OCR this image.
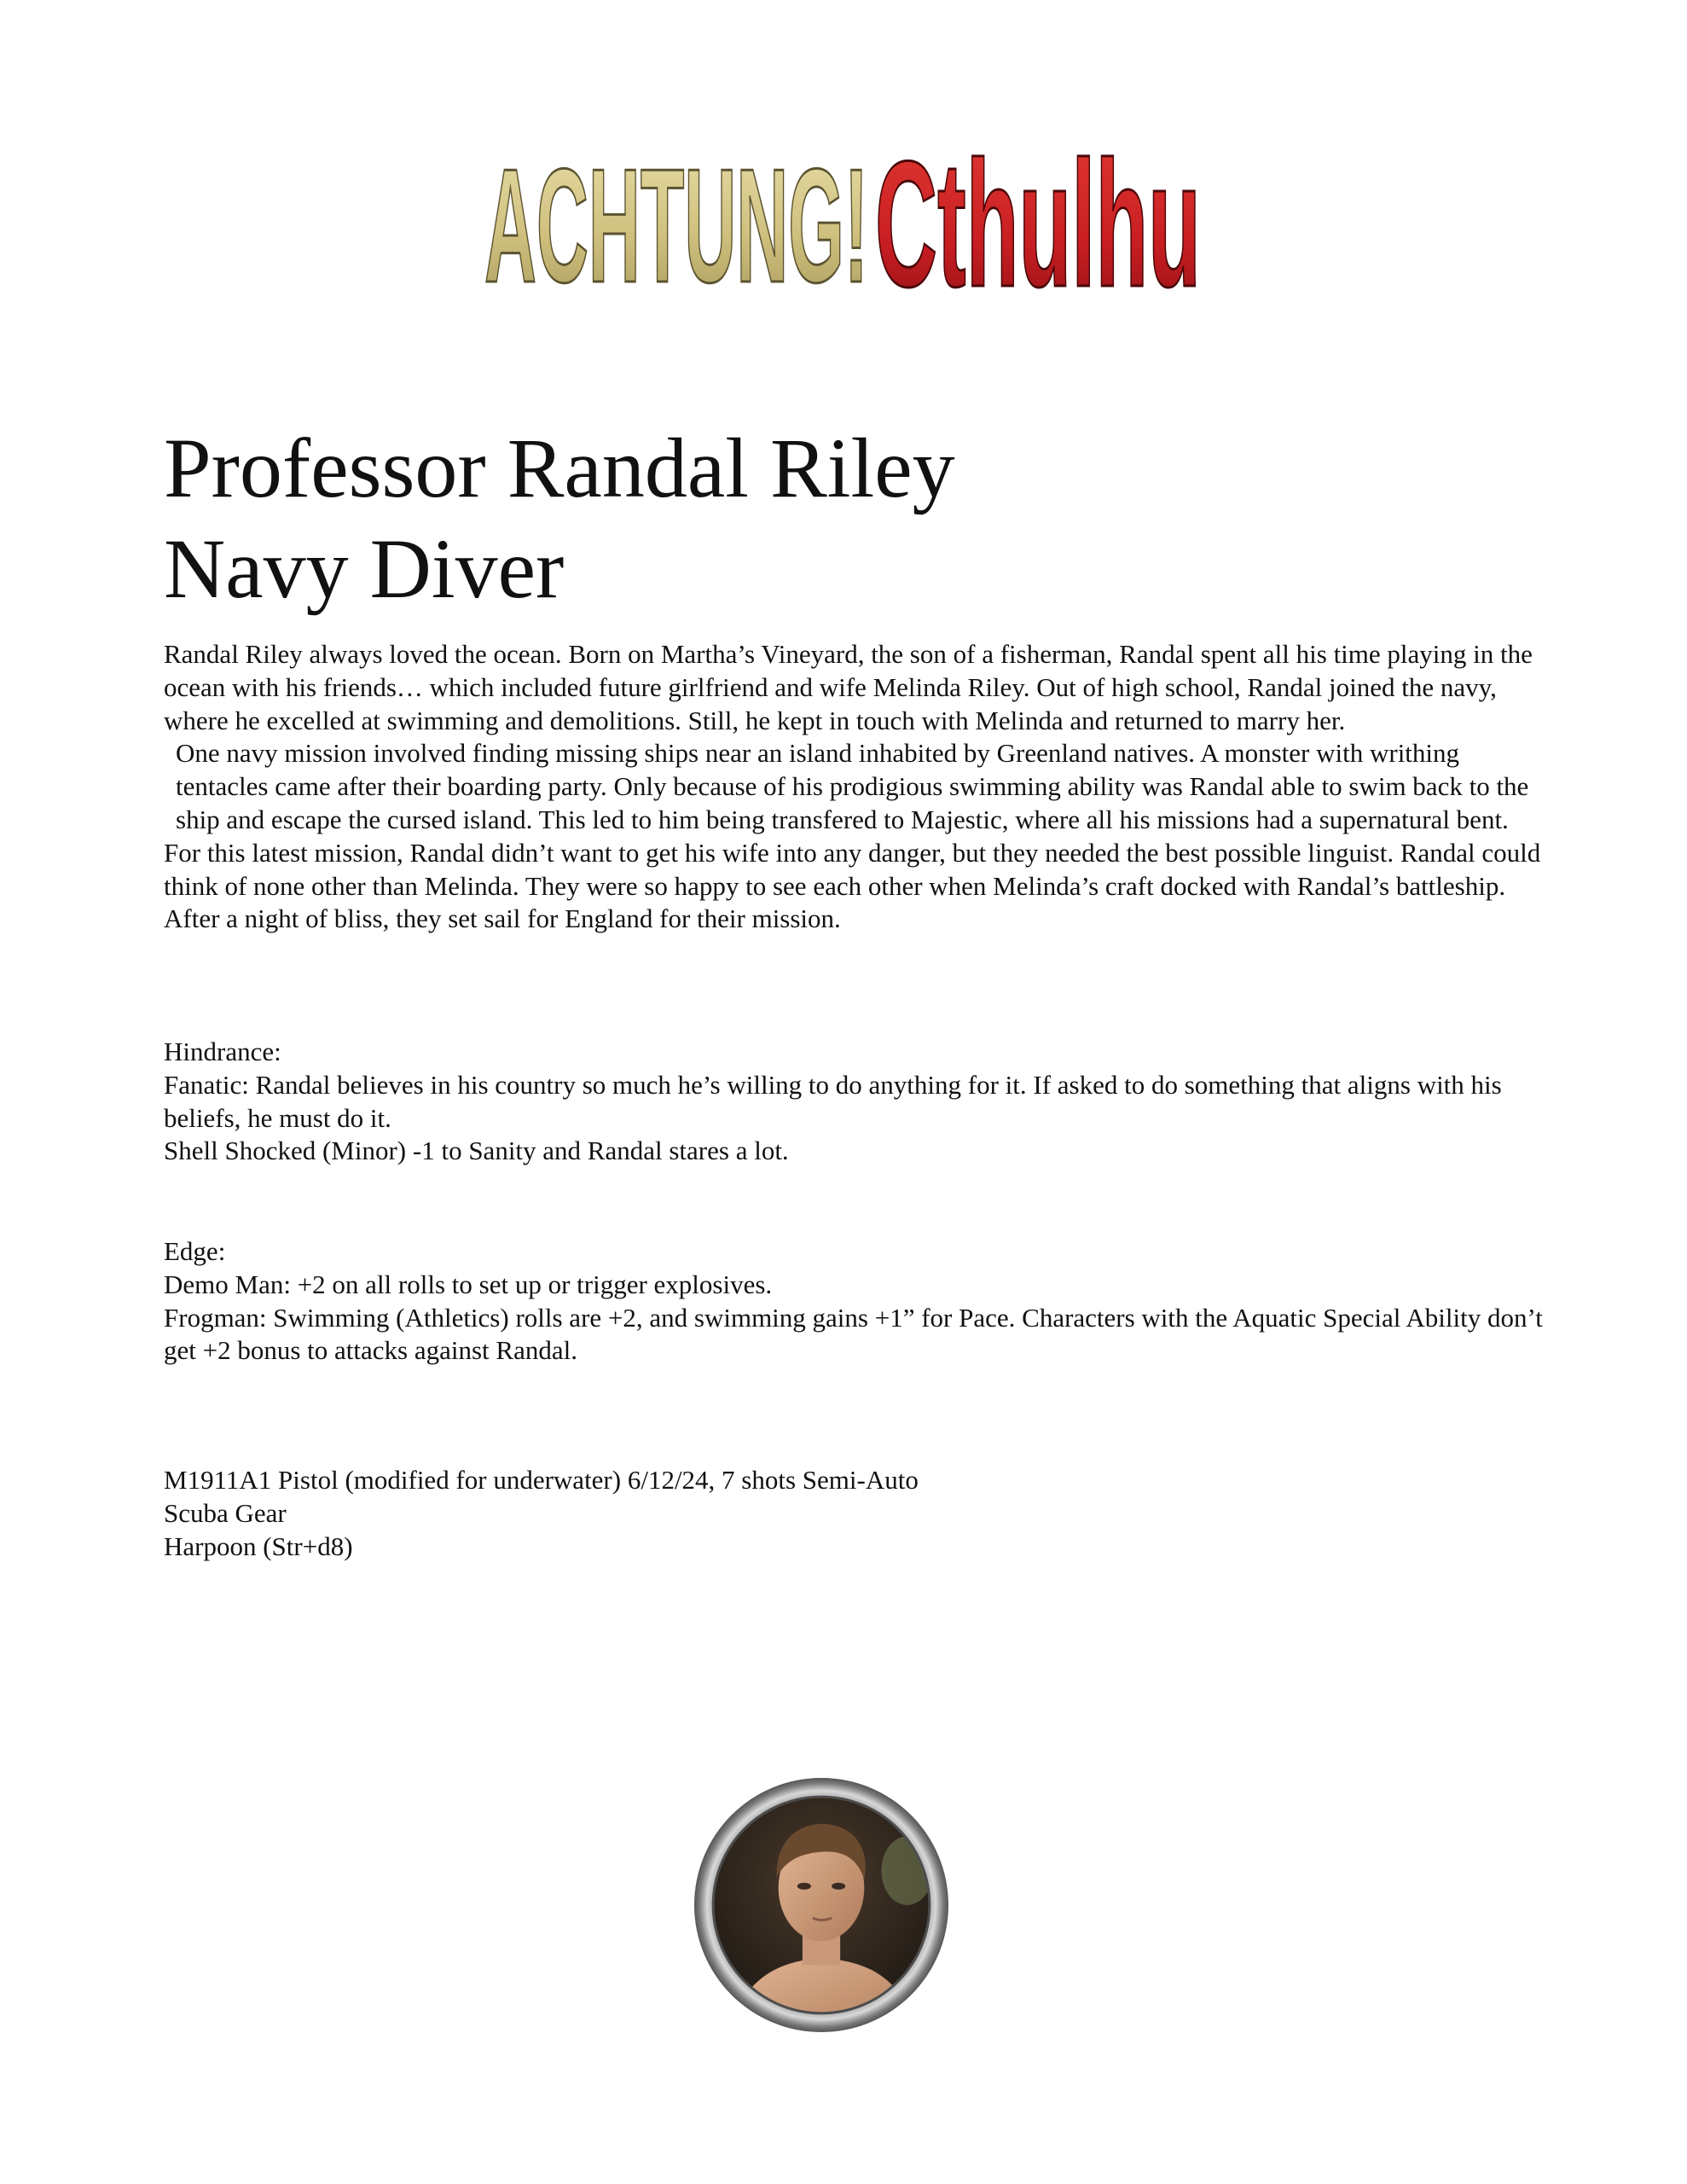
ACHTUNG! Cthulhu
Professor Randal Riley
Navy Diver

Randal Riley always loved the ocean. Born on Martha’s Vineyard, the son of a fisherman, Randal spent all his time playing in the ocean with his friends… which included future girlfriend and wife Melinda Riley. Out of high school, Randal joined the navy, where he excelled at swimming and demolitions. Still, he kept in touch with Melinda and returned to marry her.

One navy mission involved finding missing ships near an island inhabited by Greenland natives. A monster with writhing tentacles came after their boarding party. Only because of his prodigious swimming ability was Randal able to swim back to the ship and escape the cursed island. This led to him being transfered to Majestic, where all his missions had a supernatural bent.

For this latest mission, Randal didn’t want to get his wife into any danger, but they needed the best possible linguist. Randal could think of none other than Melinda. They were so happy to see each other when Melinda’s craft docked with Randal’s battleship. After a night of bliss, they set sail for England for their mission.

Hindrance:

Fanatic: Randal believes in his country so much he’s willing to do anything for it. If asked to do something that aligns with his beliefs, he must do it.

Shell Shocked (Minor) -1 to Sanity and Randal stares a lot.

Edge:

Demo Man: +2 on all rolls to set up or trigger explosives.

Frogman: Swimming (Athletics) rolls are +2, and swimming gains +1” for Pace. Characters with the Aquatic Special Ability don’t get +2 bonus to attacks against Randal.

M1911A1 Pistol (modified for underwater) 6/12/24, 7 shots Semi-Auto

Scuba Gear

Harpoon (Str+d8)
